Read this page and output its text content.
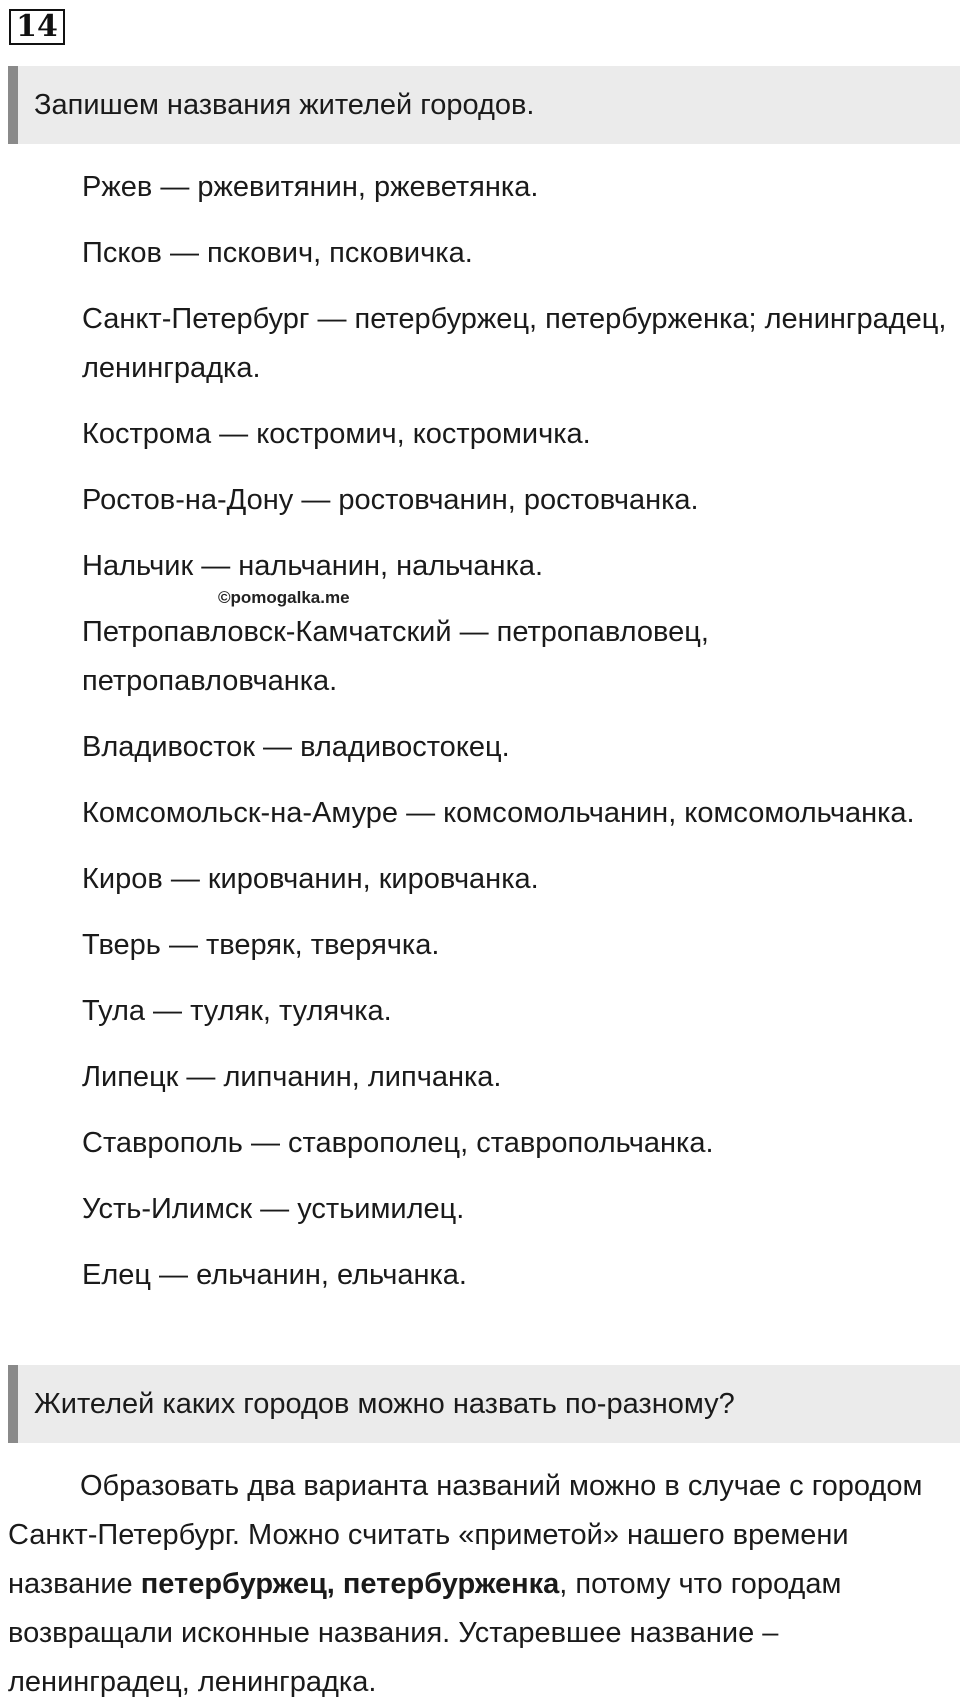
14
Запишем названия жителей городов.
Ржев — ржевитянин, ржеветянка.
Псков — пскович, псковичка.
Санкт-Петербург — петербуржец, петербурженка; ленинградец, ленинградка.
Кострома — костромич, костромичка.
Ростов-на-Дону — ростовчанин, ростовчанка.
Нальчик — нальчанин, нальчанка.
Петропавловск-Камчатский — петропавловец, петропавловчанка.
Владивосток — владивостокец.
Комсомольск-на-Амуре — комсомольчанин, комсомольчанка.
Киров — кировчанин, кировчанка.
Тверь — тверяк, тверячка.
Тула — туляк, тулячка.
Липецк — липчанин, липчанка.
Ставрополь — ставрополец, ставропольчанка.
Усть-Илимск — устьимилец.
Елец — ельчанин, ельчанка.
©pomogalka.me
Жителей каких городов можно назвать по-разному?

Образовать два варианта названий можно в случае с городом Санкт-Петербург. Можно считать «приметой» нашего времени название петербуржец, петербурженка, потому что городам возвращали исконные названия. Устаревшее название – ленинградец, ленинградка.
